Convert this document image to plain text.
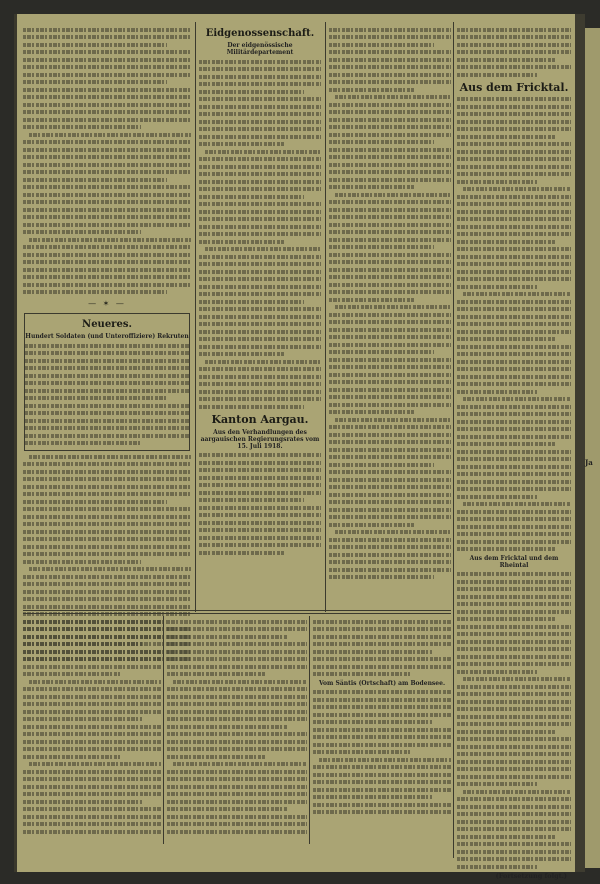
— ✶ —
Neueres.
Hundert Soldaten (und Unteroffiziere) Rekruten
Eidgenossenschaft.
Der eidgenössische Militärdepartement
Kanton Aargau.
Aus den Verhandlungen des aargauischen Regierungsrates vom 15. Juli 1918.
Aus dem Fricktal.
Aus dem Fricktal und dem Rheintal
(Fortsetzung folgt.)
Vom Säntis (Ortschaft) am Bodensee.
Ja
